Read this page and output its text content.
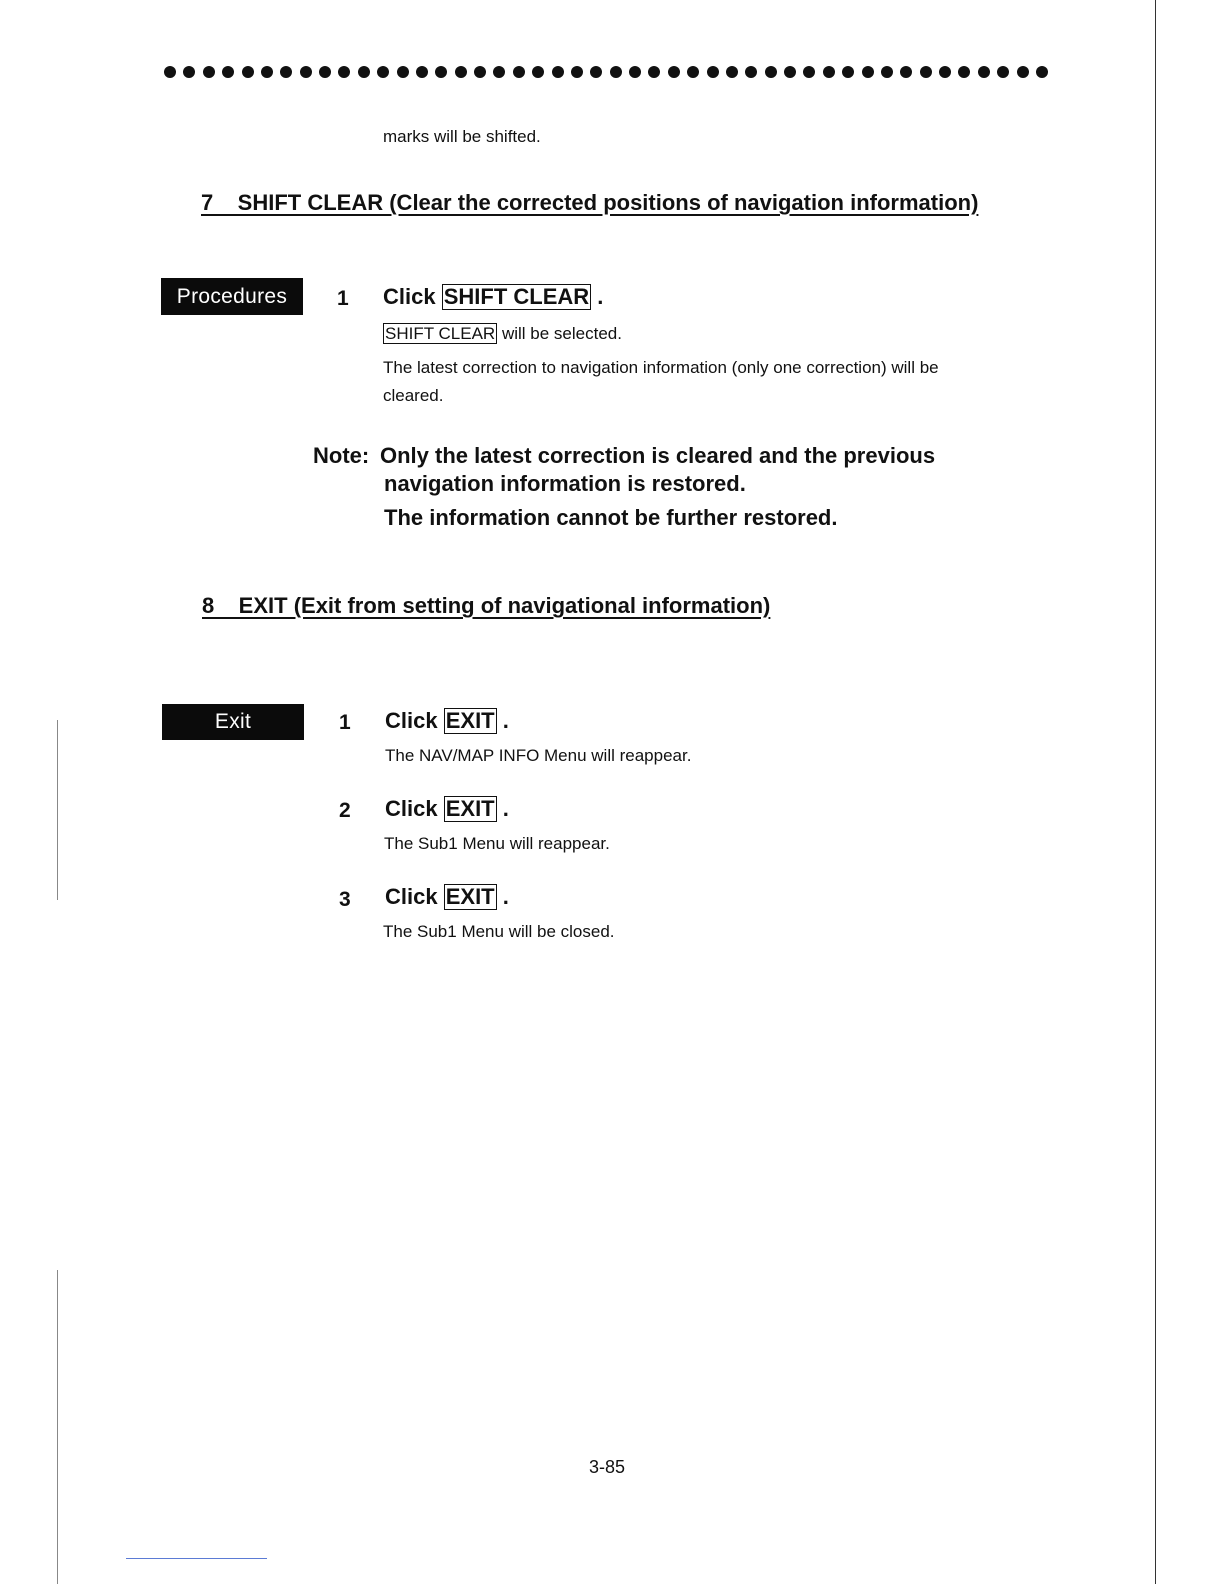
marks will be shifted.
7    SHIFT CLEAR (Clear the corrected positions of navigation information)
Procedures	1 Click SHIFT CLEAR .
SHIFT CLEAR will be selected.
The latest correction to navigation information (only one correction) will be
cleared.
Note: Only the latest correction is cleared and the previous
navigation information is restored.
The information cannot be further restored.
8    EXIT (Exit from setting of navigational information)
Exit	1 Click EXIT .
The NAV/MAP INFO Menu will reappear.
2 Click EXIT .
The Sub1 Menu will reappear.
3 Click EXIT .
The Sub1 Menu will be closed.
3-85
